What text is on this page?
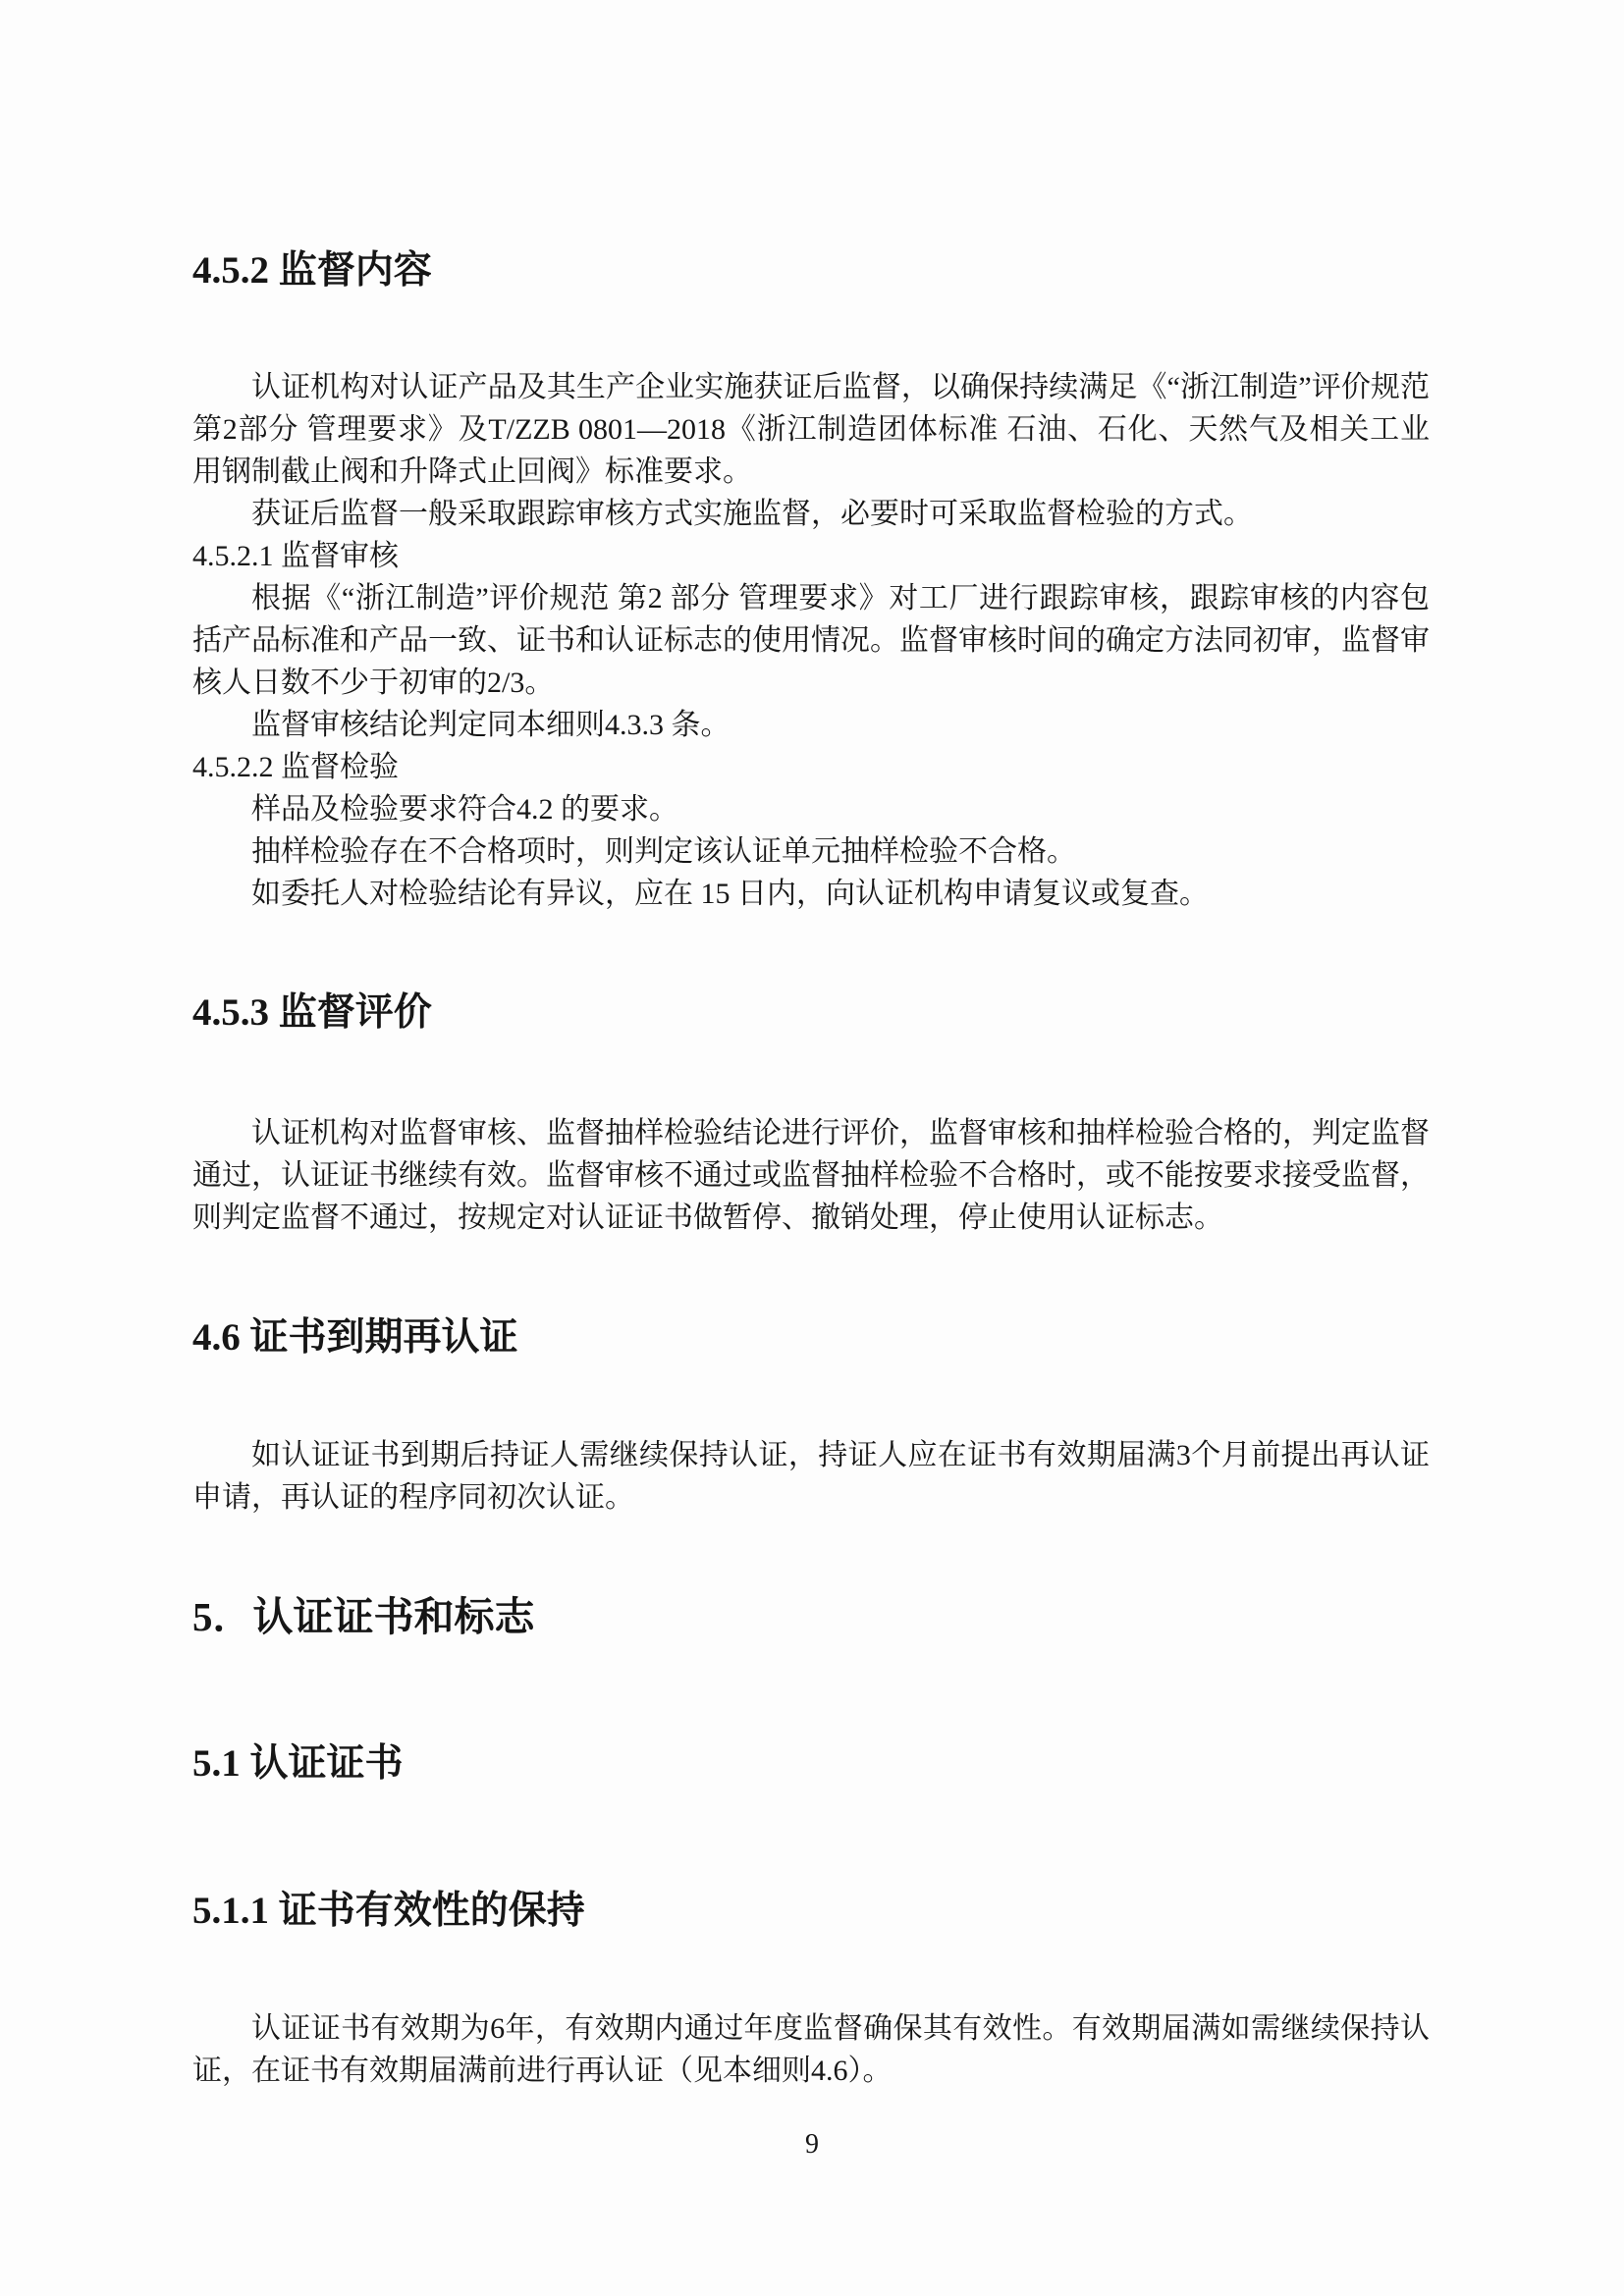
4.5.2 监督内容
认证机构对认证产品及其生产企业实施获证后监督，以确保持续满足《“浙江制造”评价规范 第2部分 管理要求》及T/ZZB 0801—2018《浙江制造团体标准 石油、石化、天然气及相关工业用钢制截止阀和升降式止回阀》标准要求。
获证后监督一般采取跟踪审核方式实施监督，必要时可采取监督检验的方式。
4.5.2.1 监督审核
根据《“浙江制造”评价规范 第2 部分 管理要求》对工厂进行跟踪审核，跟踪审核的内容包括产品标准和产品一致、证书和认证标志的使用情况。监督审核时间的确定方法同初审，监督审核人日数不少于初审的2/3。
监督审核结论判定同本细则4.3.3 条。
4.5.2.2 监督检验
样品及检验要求符合4.2 的要求。
抽样检验存在不合格项时，则判定该认证单元抽样检验不合格。
如委托人对检验结论有异议，应在 15 日内，向认证机构申请复议或复查。
4.5.3 监督评价
认证机构对监督审核、监督抽样检验结论进行评价，监督审核和抽样检验合格的，判定监督通过，认证证书继续有效。监督审核不通过或监督抽样检验不合格时，或不能按要求接受监督，则判定监督不通过，按规定对认证证书做暂停、撤销处理，停止使用认证标志。
4.6 证书到期再认证
如认证证书到期后持证人需继续保持认证，持证人应在证书有效期届满3个月前提出再认证申请，再认证的程序同初次认证。
5．认证证书和标志
5.1 认证证书
5.1.1 证书有效性的保持
认证证书有效期为6年，有效期内通过年度监督确保其有效性。有效期届满如需继续保持认证，在证书有效期届满前进行再认证（见本细则4.6）。
9
